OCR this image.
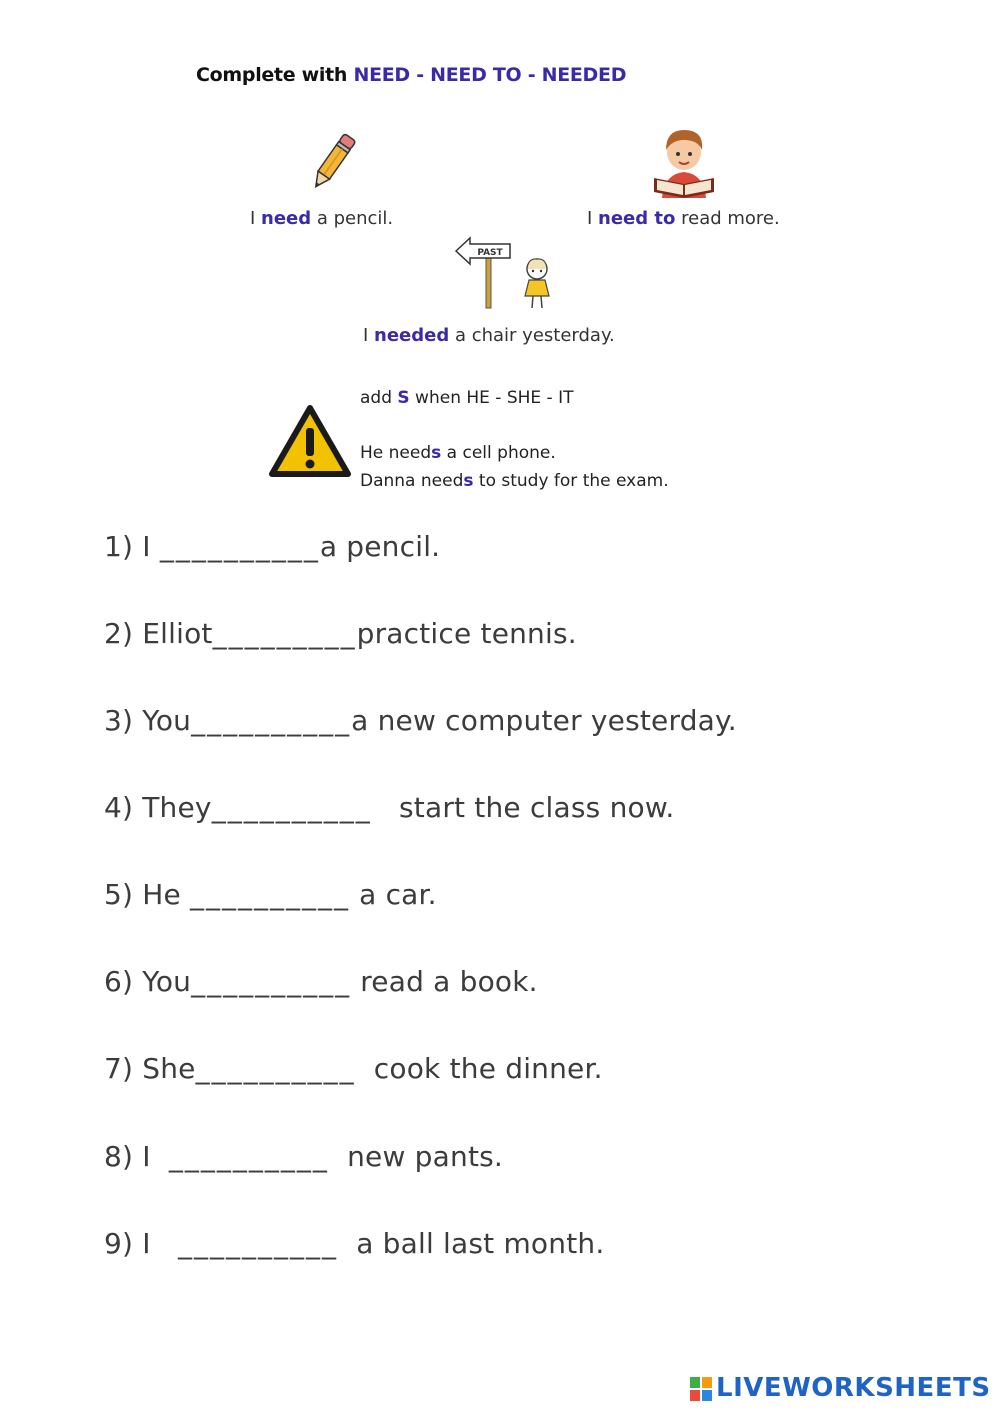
Complete with NEED - NEED TO - NEEDED
I need a pencil.	I need to read more.
PAST
I needed a chair yesterday.
add S when HE - SHE - IT
He needs a cell phone.
Danna needs to study for the exam.
1) I __________a pencil.
2) Elliot_________practice tennis.
3) You__________a new computer yesterday.
4) They__________   start the class now.
5) He __________ a car.
6) You__________ read a book.
7) She__________  cook the dinner.
8) I  __________  new pants.
9) I   __________  a ball last month.
LIVEWORKSHEETS
